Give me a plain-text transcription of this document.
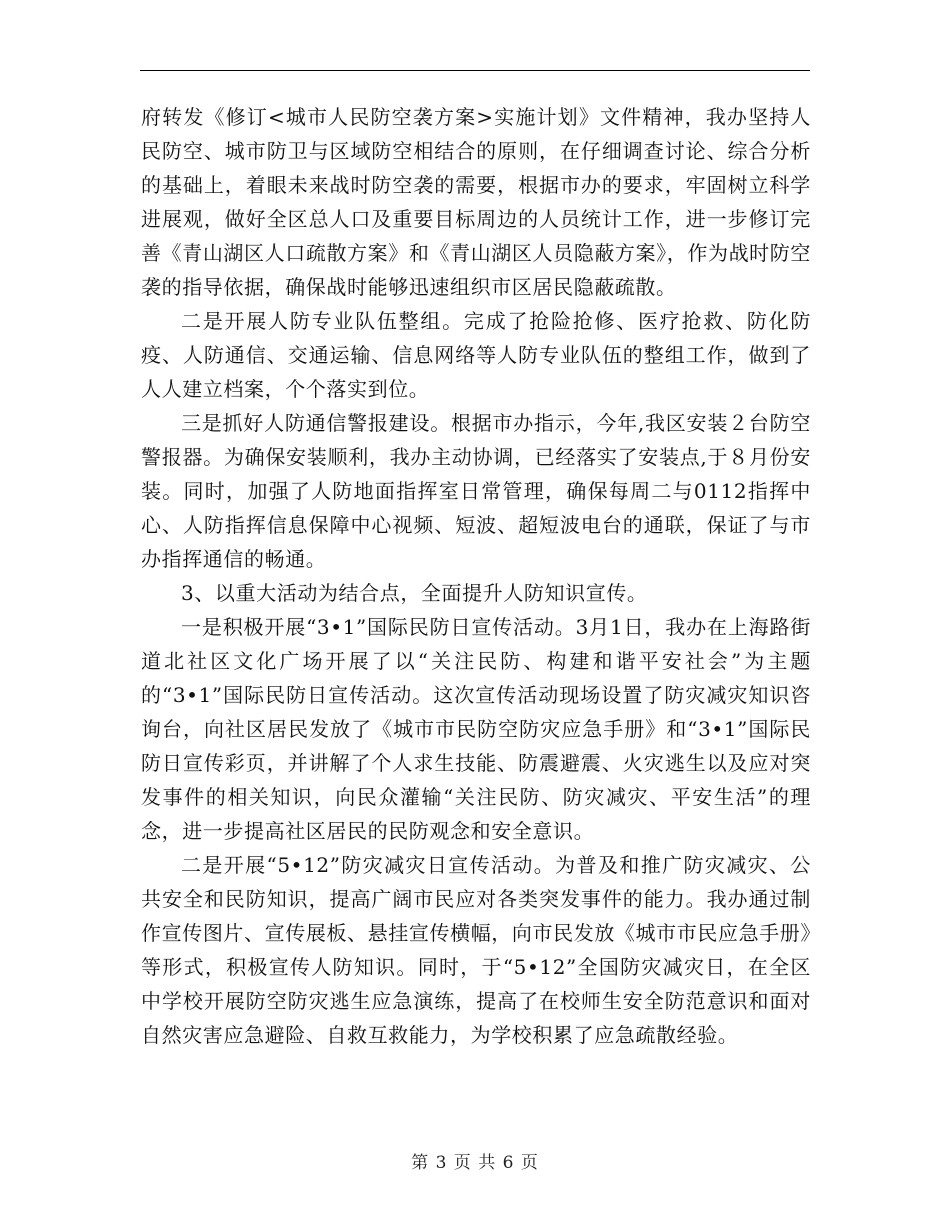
府转发《修订<城市人民防空袭方案>实施计划》文件精神，我办坚持人民防空、城市防卫与区域防空相结合的原则，在仔细调查讨论、综合分析的基础上，着眼未来战时防空袭的需要，根据市办的要求，牢固树立科学进展观，做好全区总人口及重要目标周边的人员统计工作，进一步修订完善《青山湖区人口疏散方案》和《青山湖区人员隐蔽方案》，作为战时防空袭的指导依据，确保战时能够迅速组织市区居民隐蔽疏散。

二是开展人防专业队伍整组。完成了抢险抢修、医疗抢救、防化防疫、人防通信、交通运输、信息网络等人防专业队伍的整组工作，做到了人人建立档案，个个落实到位。

三是抓好人防通信警报建设。根据市办指示，今年,我区安装２台防空警报器。为确保安装顺利，我办主动协调，已经落实了安装点,于８月份安装。同时，加强了人防地面指挥室日常管理，确保每周二与0112指挥中心、人防指挥信息保障中心视频、短波、超短波电台的通联，保证了与市办指挥通信的畅通。

3、以重大活动为结合点，全面提升人防知识宣传。

一是积极开展“3•1”国际民防日宣传活动。3月1日，我办在上海路街道北社区文化广场开展了以“关注民防、构建和谐平安社会”为主题的“3•1”国际民防日宣传活动。这次宣传活动现场设置了防灾减灾知识咨询台，向社区居民发放了《城市市民防空防灾应急手册》和“3•1”国际民防日宣传彩页，并讲解了个人求生技能、防震避震、火灾逃生以及应对突发事件的相关知识，向民众灌输“关注民防、防灾减灾、平安生活”的理念，进一步提高社区居民的民防观念和安全意识。

二是开展“5•12”防灾减灾日宣传活动。为普及和推广防灾减灾、公共安全和民防知识，提高广阔市民应对各类突发事件的能力。我办通过制作宣传图片、宣传展板、悬挂宣传横幅，向市民发放《城市市民应急手册》等形式，积极宣传人防知识。同时，于“5•12”全国防灾减灾日，在全区中学校开展防空防灾逃生应急演练，提高了在校师生安全防范意识和面对自然灾害应急避险、自救互救能力，为学校积累了应急疏散经验。

第 3 页 共 6 页
